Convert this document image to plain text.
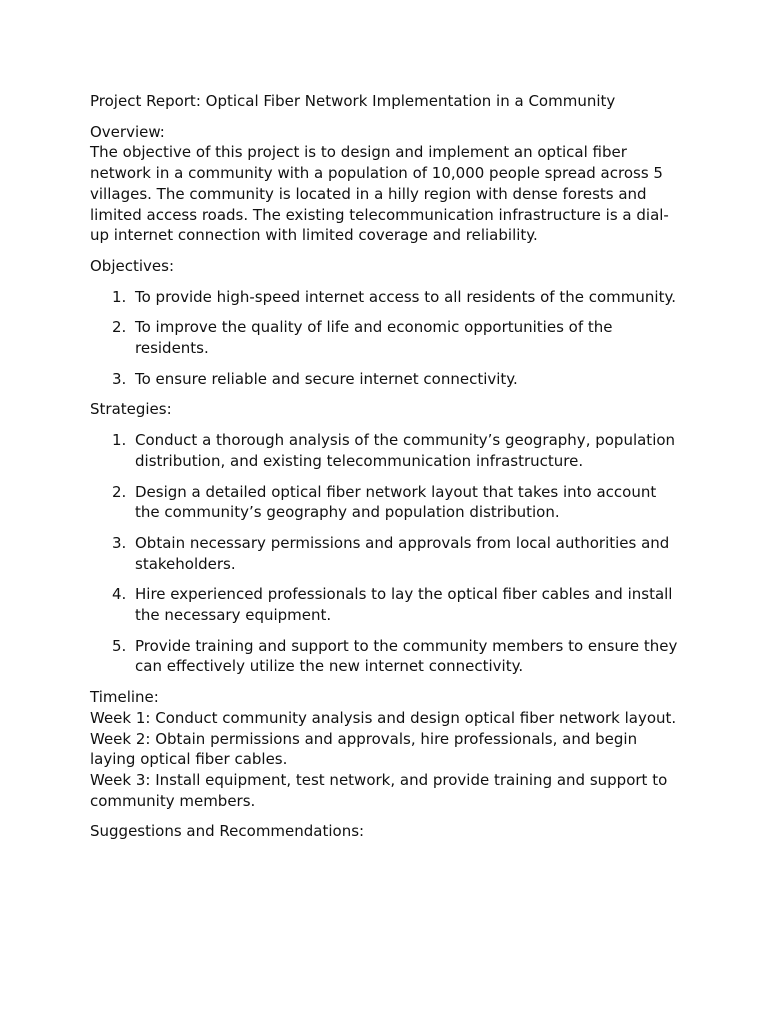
Project Report: Optical Fiber Network Implementation in a Community

Overview:

The objective of this project is to design and implement an optical fiber network in a community with a population of 10,000 people spread across 5 villages. The community is located in a hilly region with dense forests and limited access roads. The existing telecommunication infrastructure is a dial-up internet connection with limited coverage and reliability.

Objectives:

1. To provide high-speed internet access to all residents of the community.
2. To improve the quality of life and economic opportunities of the residents.
3. To ensure reliable and secure internet connectivity.

Strategies:

1. Conduct a thorough analysis of the community’s geography, population distribution, and existing telecommunication infrastructure.
2. Design a detailed optical fiber network layout that takes into account the community’s geography and population distribution.
3. Obtain necessary permissions and approvals from local authorities and stakeholders.
4. Hire experienced professionals to lay the optical fiber cables and install the necessary equipment.
5. Provide training and support to the community members to ensure they can effectively utilize the new internet connectivity.

Timeline:

Week 1: Conduct community analysis and design optical fiber network layout.

Week 2: Obtain permissions and approvals, hire professionals, and begin laying optical fiber cables.

Week 3: Install equipment, test network, and provide training and support to community members.

Suggestions and Recommendations:
